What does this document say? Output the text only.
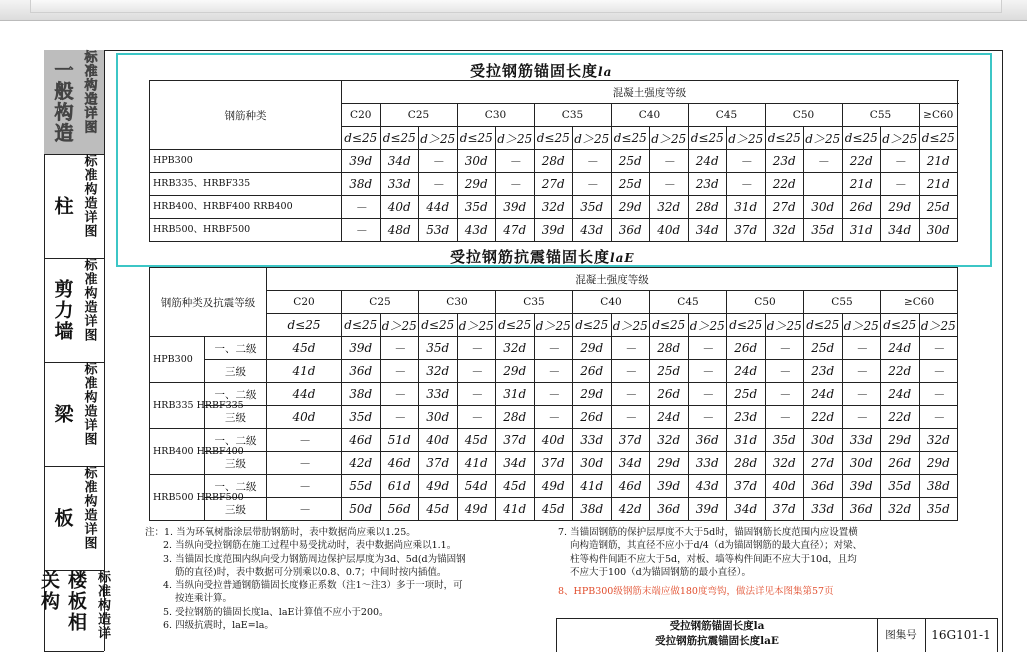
一般构造 标准构造详图
柱 标准构造详图
剪力墙 标准构造详图
梁 标准构造详图
板 标准构造详图
楼板相关构	标准构造详
受拉钢筋锚固长度la
钢筋种类	混凝土强度等级																
	C20	C25		C30		C35		C40		C45		C50		C55		≥C60	
	d≤25	d≤25	d＞25	d≤25	d＞25	d≤25	d＞25	d≤25	d＞25	d≤25	d＞25	d≤25	d＞25	d≤25	d＞25	d≤25	
HPB300	39d	34d	－	30d	－	28d	－	25d	－	24d	－	23d	－	22d	－	21d	
HRB335、HRBF335	38d	33d	－	29d	－	27d	－	25d	－	23d	－	22d		21d	－	21d	
HRB400、HRBF400 RRB400	－	40d	44d	35d	39d	32d	35d	29d	32d	28d	31d	27d	30d	26d	29d	25d	
HRB500、HRBF500	－	48d	53d	43d	47d	39d	43d	36d	40d	34d	37d	32d	35d	31d	34d	30d	
受拉钢筋抗震锚固长度laE
钢筋种类及抗震等级		混凝土强度等级																
		C20	C25		C30		C35		C40		C45		C50		C55		≥C60	
		d≤25	d≤25	d＞25	d≤25	d＞25	d≤25	d＞25	d≤25	d＞25	d≤25	d＞25	d≤25	d＞25	d≤25	d＞25	d≤25	d＞25
HPB300	一、二级	45d	39d	－	35d	－	32d	－	29d	－	28d	－	26d	－	25d	－	24d	－
	三级	41d	36d	－	32d	－	29d	－	26d	－	25d	－	24d	－	23d	－	22d	－
HRB335 HRBF335	一、二级	44d	38d	－	33d	－	31d	－	29d	－	26d	－	25d	－	24d	－	24d	－
	三级	40d	35d	－	30d	－	28d	－	26d	－	24d	－	23d	－	22d	－	22d	－
HRB400 HRBF400	一、二级	－	46d	51d	40d	45d	37d	40d	33d	37d	32d	36d	31d	35d	30d	33d	29d	32d
	三级	－	42d	46d	37d	41d	34d	37d	30d	34d	29d	33d	28d	32d	27d	30d	26d	29d
HRB500 HRBF500	一、二级	－	55d	61d	49d	54d	45d	49d	41d	46d	39d	43d	37d	40d	36d	39d	35d	38d
	三级	－	50d	56d	45d	49d	41d	45d	38d	42d	36d	39d	34d	37d	33d	36d	32d	35d
注：1. 当为环氧树脂涂层带肋钢筋时，表中数据尚应乘以1.25。
2. 当纵向受拉钢筋在施工过程中易受扰动时，表中数据尚应乘以1.1。
3. 当锚固长度范围内纵向受力钢筋周边保护层厚度为3d、5d(d为锚固钢
筋的直径)时，表中数据可分别乘以0.8、0.7；中间时按内插值。
4. 当纵向受拉普通钢筋锚固长度修正系数（注1～注3）多于一项时，可
按连乘计算。
5. 受拉钢筋的锚固长度la、laE计算值不应小于200。
6. 四级抗震时，laE=la。
7. 当锚固钢筋的保护层厚度不大于5d时，锚固钢筋长度范围内应设置横
向构造钢筋，其直径不应小于d/4（d为锚固钢筋的最大直径）；对梁、
柱等构件间距不应大于5d，对板、墙等构件间距不应大于10d，且均
不应大于100（d为锚固钢筋的最小直径）。
8、HPB300级钢筋末端应做180度弯钩，做法详见本图集第57页
受拉钢筋锚固长度la
受拉钢筋抗震锚固长度laE	图集号	16G101-1
